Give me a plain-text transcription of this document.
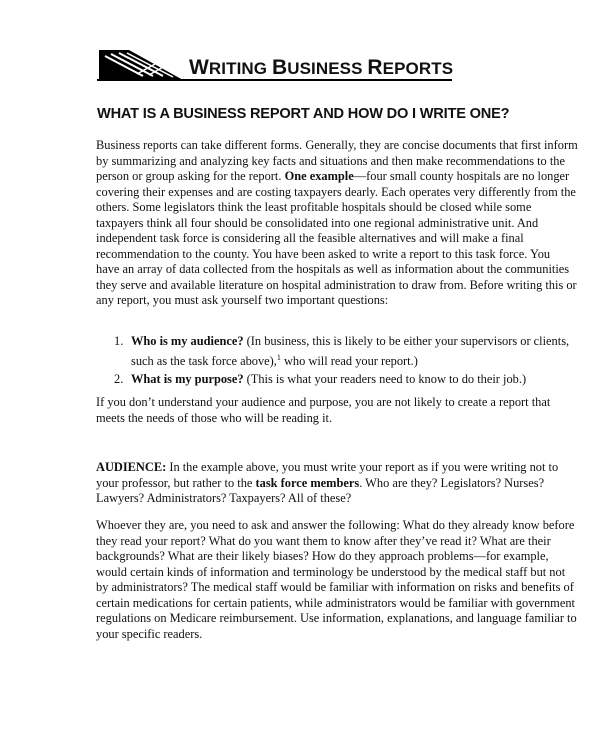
WRITING BUSINESS REPORTS
WHAT IS A BUSINESS REPORT AND HOW DO I WRITE ONE?
Business reports can take different forms. Generally, they are concise documents that first inform
by summarizing and analyzing key facts and situations and then make recommendations to the
person or group asking for the report. One example—four small county hospitals are no longer
covering their expenses and are costing taxpayers dearly. Each operates very differently from the
others. Some legislators think the least profitable hospitals should be closed while some
taxpayers think all four should be consolidated into one regional administrative unit. And
independent task force is considering all the feasible alternatives and will make a final
recommendation to the county. You have been asked to write a report to this task force. You
have an array of data collected from the hospitals as well as information about the communities
they serve and available literature on hospital administration to draw from. Before writing this or
any report, you must ask yourself two important questions:
1. Who is my audience? (In business, this is likely to be either your supervisors or clients,
such as the task force above),$^1$ who will read your report.)
2. What is my purpose? (This is what your readers need to know to do their job.)
If you don’t understand your audience and purpose, you are not likely to create a report that
meets the needs of those who will be reading it.
AUDIENCE: In the example above, you must write your report as if you were writing not to
your professor, but rather to the task force members. Who are they? Legislators? Nurses?
Lawyers? Administrators? Taxpayers? All of these?
Whoever they are, you need to ask and answer the following: What do they already know before
they read your report? What do you want them to know after they’ve read it? What are their
backgrounds? What are their likely biases? How do they approach problems—for example,
would certain kinds of information and terminology be understood by the medical staff but not
by administrators? The medical staff would be familiar with information on risks and benefits of
certain medications for certain patients, while administrators would be familiar with government
regulations on Medicare reimbursement. Use information, explanations, and language familiar to
your specific readers.
